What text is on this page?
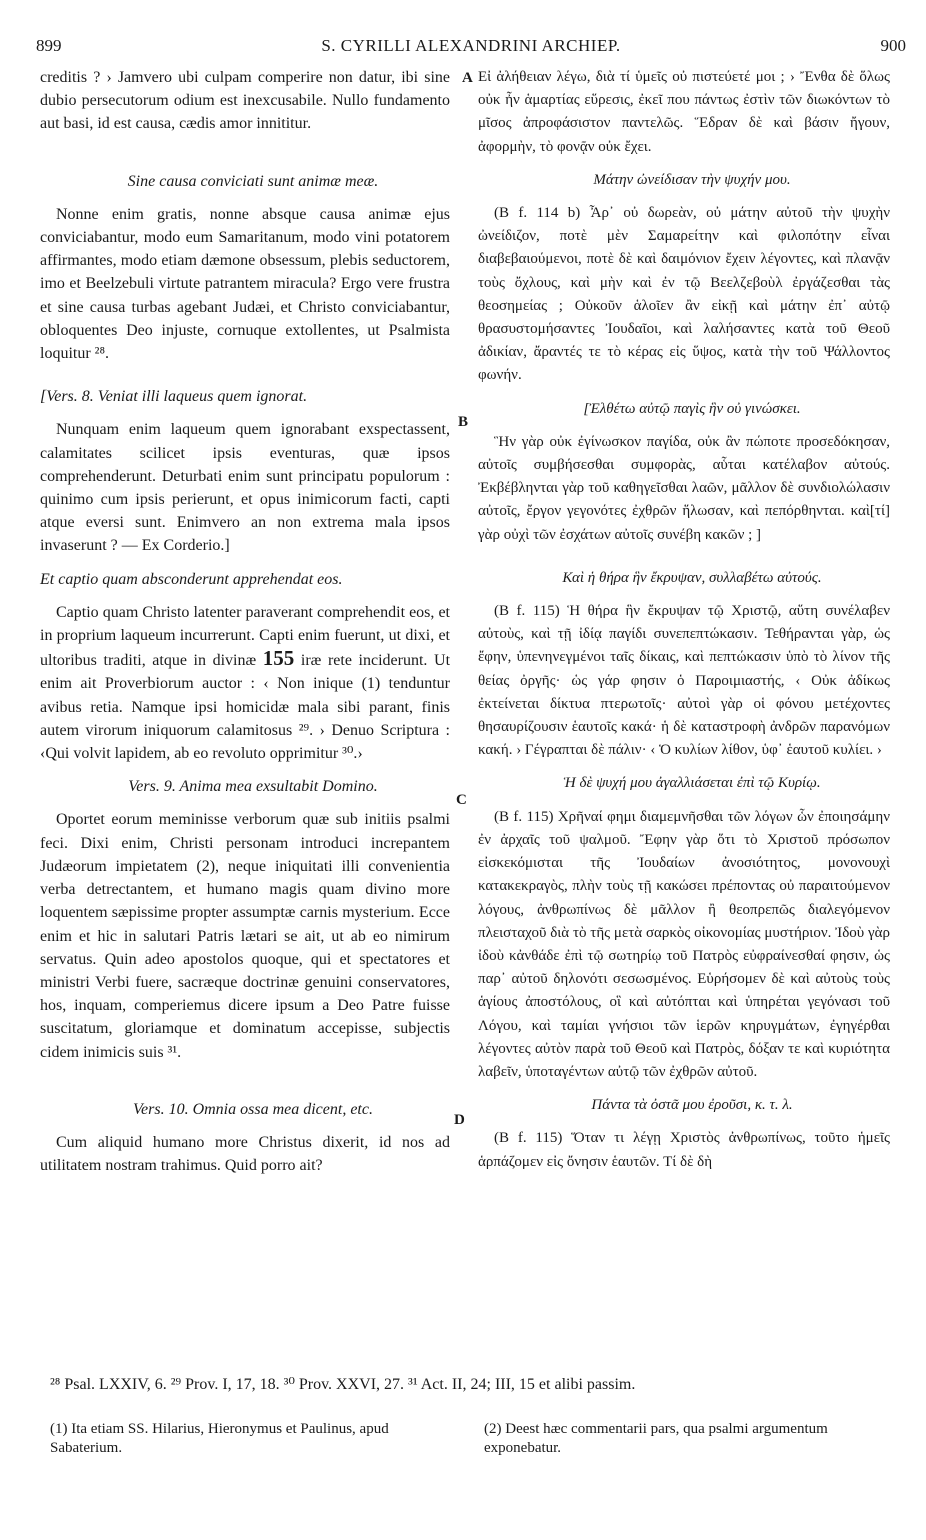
899	S. CYRILLI ALEXANDRINI ARCHIEP.	900

creditis ? › Jamvero ubi culpam comperire non datur, ibi sine dubio persecutorum odium est inexcusabile. Nullo fundamento aut basi, id est causa, cædis amor innititur.

Sine causa conviciati sunt animæ meæ.

Nonne enim gratis, nonne absque causa animæ ejus conviciabantur, modo eum Samaritanum, modo vini potatorem affirmantes, modo etiam dæmone obsessum, plebis seductorem, imo et Beelzebuli virtute patrantem miracula? Ergo vere frustra et sine causa turbas agebant Judæi, et Christo conviciabantur, obloquentes Deo injuste, cornuque extollentes, ut Psalmista loquitur ²⁸.

[Vers. 8. Veniat illi laqueus quem ignorat.

Nunquam enim laqueum quem ignorabant exspectassent, calamitates scilicet ipsis eventuras, quæ ipsos comprehenderunt. Deturbati enim sunt principatu populorum : quinimo cum ipsis perierunt, et opus inimicorum facti, capti atque eversi sunt. Enimvero an non extrema mala ipsos invaserunt ? — Ex Corderio.]

Et captio quam absconderunt apprehendat eos.

Captio quam Christo latenter paraverant comprehendit eos, et in proprium laqueum incurrerunt. Capti enim fuerunt, ut dixi, et ultoribus traditi, atque in divinæ 155 iræ rete inciderunt. Ut enim ait Proverbiorum auctor : ‹ Non inique (1) tenduntur avibus retia. Namque ipsi homicidæ mala sibi parant, finis autem virorum iniquorum calamitosus ²⁹. › Denuo Scriptura : ‹Qui volvit lapidem, ab eo revoluto opprimitur ³⁰.›

Vers. 9. Anima mea exsultabit Domino.

Oportet eorum meminisse verborum quæ sub initiis psalmi feci. Dixi enim, Christi personam introduci increpantem Judæorum impietatem (2), neque iniquitati illi convenientia verba detrectantem, et humano magis quam divino more loquentem sæpissime propter assumptæ carnis mysterium. Ecce enim et hic in salutari Patris lætari se ait, ut ab eo nimirum servatus. Quin adeo apostolos quoque, qui et spectatores et ministri Verbi fuere, sacræque doctrinæ genuini conservatores, hos, inquam, comperiemus dicere ipsum a Deo Patre fuisse suscitatum, gloriamque et dominatum accepisse, subjectis cidem inimicis suis ³¹.

Vers. 10. Omnia ossa mea dicent, etc.

Cum aliquid humano more Christus dixerit, id nos ad utilitatem nostram trahimus. Quid porro ait?

A
B
C
D

Εἰ ἀλήθειαν λέγω, διὰ τί ὑμεῖς οὐ πιστεύετέ μοι ; › Ἔνθα δὲ ὅλως οὐκ ἦν ἁμαρτίας εὕρεσις, ἐκεῖ που πάντως ἐστὶν τῶν διωκόντων τὸ μῖσος ἀπροφάσιστον παντελῶς. Ἕδραν δὲ καὶ βάσιν ἤγουν, ἀφορμὴν, τὸ φονᾷν οὐκ ἔχει.

Μάτην ὠνείδισαν τὴν ψυχήν μου.

(B f. 114 b) Ἆρ᾽ οὐ δωρεὰν, οὐ μάτην αὐτοῦ τὴν ψυχὴν ὠνείδιζον, ποτὲ μὲν Σαμαρείτην καὶ φιλοπότην εἶναι διαβεβαιούμενοι, ποτὲ δὲ καὶ δαιμόνιον ἔχειν λέγοντες, καὶ πλανᾷν τοὺς ὄχλους, καὶ μὴν καὶ ἐν τῷ Βεελζεβοὺλ ἐργάζεσθαι τὰς θεοσημείας ; Οὐκοῦν ἁλοῖεν ἂν εἰκῇ καὶ μάτην ἐπ᾽ αὐτῷ θρασυστομήσαντες Ἰουδαῖοι, καὶ λαλήσαντες κατὰ τοῦ Θεοῦ ἀδικίαν, ἄραντές τε τὸ κέρας εἰς ὕψος, κατὰ τὴν τοῦ Ψάλλοντος φωνήν.

[Ἐλθέτω αὐτῷ παγὶς ἣν οὐ γινώσκει.

Ἣν γὰρ οὐκ ἐγίνωσκον παγίδα, οὐκ ἂν πώποτε προσεδόκησαν, αὐτοῖς συμβήσεσθαι συμφορὰς, αὗται κατέλαβον αὐτούς. Ἐκβέβληνται γὰρ τοῦ καθηγεῖσθαι λαῶν, μᾶλλον δὲ συνδιολώλασιν αὐτοῖς, ἔργον γεγονότες ἐχθρῶν ἥλωσαν, καὶ πεπόρθηνται. καὶ[τί] γὰρ οὐχὶ τῶν ἐσχάτων αὐτοῖς συνέβη κακῶν ; ]

Καὶ ἡ θήρα ἣν ἔκρυψαν, συλλαβέτω αὐτούς.

(B f. 115) Ἡ θήρα ἣν ἔκρυψαν τῷ Χριστῷ, αὕτη συνέλαβεν αὐτοὺς, καὶ τῇ ἰδίᾳ παγίδι συνεπεπτώκασιν. Τεθήρανται γὰρ, ὡς ἔφην, ὑπενηνεγμένοι ταῖς δίκαις, καὶ πεπτώκασιν ὑπὸ τὸ λίνον τῆς θείας ὀργῆς· ὡς γάρ φησιν ὁ Παροιμιαστής, ‹ Οὐκ ἀδίκως ἐκτείνεται δίκτυα πτερωτοῖς· αὐτοὶ γὰρ οἱ φόνου μετέχοντες θησαυρίζουσιν ἑαυτοῖς κακά· ἡ δὲ καταστροφὴ ἀνδρῶν παρανόμων κακή. › Γέγραπται δὲ πάλιν· ‹ Ὁ κυλίων λίθον, ὑφ᾽ ἑαυτοῦ κυλίει. ›

Ἡ δὲ ψυχή μου ἀγαλλιάσεται ἐπὶ τῷ Κυρίῳ.

(B f. 115) Χρῆναί φημι διαμεμνῆσθαι τῶν λόγων ὧν ἐποιησάμην ἐν ἀρχαῖς τοῦ ψαλμοῦ. Ἔφην γὰρ ὅτι τὸ Χριστοῦ πρόσωπον εἰσκεκόμισται τῆς Ἰουδαίων ἀνοσιότητος, μονονουχὶ κατακεκραγὸς, πλὴν τοὺς τῇ κακώσει πρέποντας οὐ παραιτούμενον λόγους, ἀνθρωπίνως δὲ μᾶλλον ἢ θεοπρεπῶς διαλεγόμενον πλεισταχοῦ διὰ τὸ τῆς μετὰ σαρκὸς οἰκονομίας μυστήριον. Ἰδοὺ γὰρ ἰδοὺ κἀνθάδε ἐπὶ τῷ σωτηρίῳ τοῦ Πατρὸς εὐφραίνεσθαί φησιν, ὡς παρ᾽ αὐτοῦ δηλονότι σεσωσμένος. Εὑρήσομεν δὲ καὶ αὐτοὺς τοὺς ἁγίους ἀποστόλους, οἳ καὶ αὐτόπται καὶ ὑπηρέται γεγόνασι τοῦ Λόγου, καὶ ταμίαι γνήσιοι τῶν ἱερῶν κηρυγμάτων, ἐγηγέρθαι λέγοντες αὐτὸν παρὰ τοῦ Θεοῦ καὶ Πατρὸς, δόξαν τε καὶ κυριότητα λαβεῖν, ὑποταγέντων αὐτῷ τῶν ἐχθρῶν αὐτοῦ.

Πάντα τὰ ὀστᾶ μου ἐροῦσι, κ. τ. λ.

(B f. 115) Ὅταν τι λέγῃ Χριστὸς ἀνθρωπίνως, τοῦτο ἡμεῖς ἁρπάζομεν εἰς ὄνησιν ἑαυτῶν. Τί δὲ δὴ

²⁸ Psal. LXXIV, 6. ²⁹ Prov. I, 17, 18. ³⁰ Prov. XXVI, 27. ³¹ Act. II, 24; III, 15 et alibi passim.
(1) Ita etiam SS. Hilarius, Hieronymus et Paulinus, apud Sabaterium.
(2) Deest hæc commentarii pars, qua psalmi argumentum exponebatur.
